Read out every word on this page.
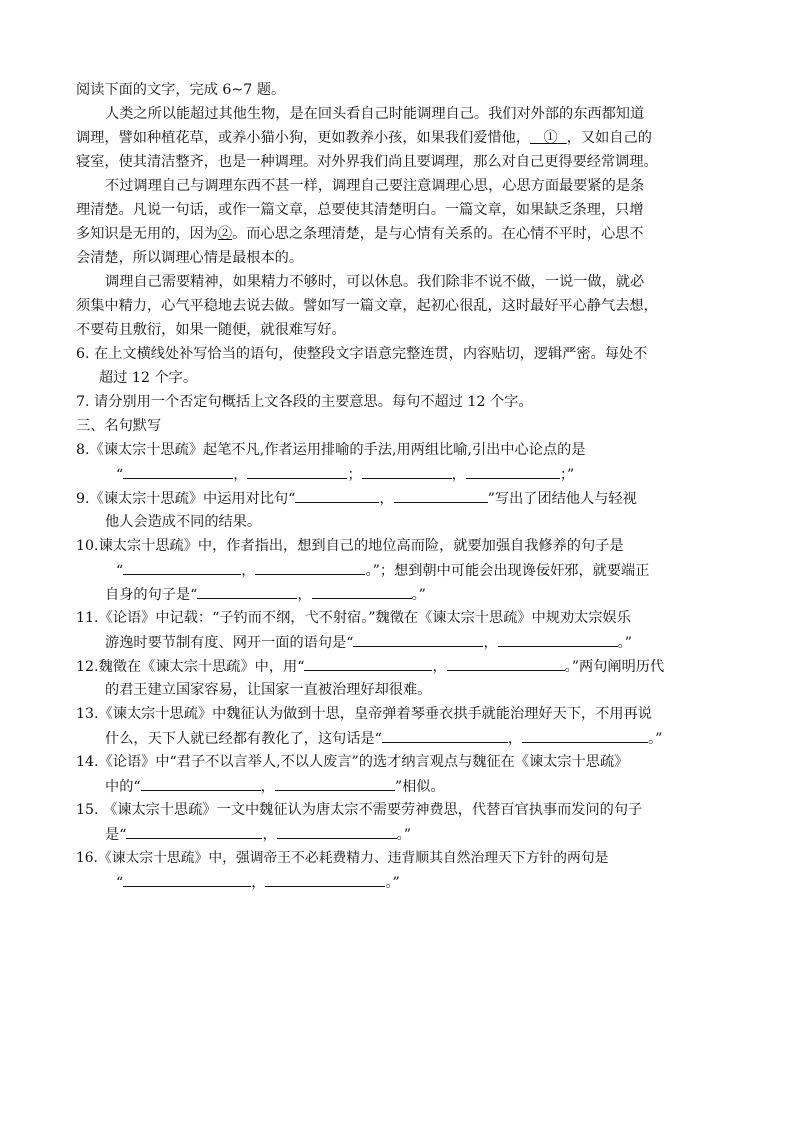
阅读下面的文字，完成 6~7 题。
人类之所以能超过其他生物，是在回头看自己时能调理自己。我们对外部的东西都知道
调理，譬如种植花草，或养小猫小狗，更如教养小孩，如果我们爱惜他， ① ，又如自己的
寝室，使其清洁整齐，也是一种调理。对外界我们尚且要调理，那么对自己更得要经常调理。
不过调理自己与调理东西不甚一样，调理自己要注意调理心思，心思方面最要紧的是条
理清楚。凡说一句话，或作一篇文章，总要使其清楚明白。一篇文章，如果缺乏条理，只增
多知识是无用的，因为②。而心思之条理清楚，是与心情有关系的。在心情不平时，心思不
会清楚，所以调理心情是最根本的。
调理自己需要精神，如果精力不够时，可以休息。我们除非不说不做，一说一做，就必
须集中精力，心气平稳地去说去做。譬如写一篇文章，起初心很乱，这时最好平心静气去想，
不要苟且敷衍，如果一随便，就很难写好。
6. 在上文横线处补写恰当的语句，使整段文字语意完整连贯，内容贴切，逻辑严密。每处不
超过 12 个字。
7. 请分别用一个否定句概括上文各段的主要意思。每句不超过 12 个字。
三、名句默写
8.《谏太宗十思疏》起笔不凡,作者运用排喻的手法,用两组比喻,引出中心论点的是
“	，	；	，	；”
9.《谏太宗十思疏》中运用对比句“	，	”写出了团结他人与轻视
他人会造成不同的结果。
10.谏太宗十思疏》中，作者指出，想到自己的地位高而险，就要加强自我修养的句子是
“	，	。”；想到朝中可能会出现谗佞奸邪，就要端正
自身的句子是“	，	。”
11.《论语》中记载：“子钓而不纲，弋不射宿。”魏徵在《谏太宗十思疏》中规劝太宗娱乐
游逸时要节制有度、网开一面的语句是“	，	。”
12.魏徵在《谏太宗十思疏》中，用“	，	。”两句阐明历代
的君王建立国家容易，让国家一直被治理好却很难。
13.《谏太宗十思疏》中魏征认为做到十思，皇帝弹着琴垂衣拱手就能治理好天下，不用再说
什么，天下人就已经都有教化了，这句话是“	，	。”
14.《论语》中“君子不以言举人,不以人废言”的选才纳言观点与魏征在《谏太宗十思疏》
中的“	，	”相似。
15. 《谏太宗十思疏》一文中魏征认为唐太宗不需要劳神费思，代替百官执事而发问的句子
是“	，	。”
16.《谏太宗十思疏》中，强调帝王不必耗费精力、违背顺其自然治理天下方针的两句是
“	，	。”
